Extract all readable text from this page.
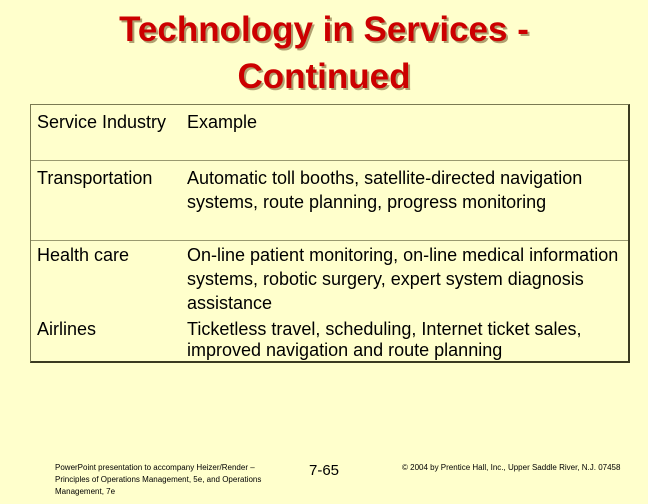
Technology in Services -
Continued
Service Industry	Example
Transportation	Automatic toll booths, satellite-directed navigation systems, route planning, progress monitoring
Health care	On-line patient monitoring, on-line medical information systems, robotic surgery, expert system diagnosis assistance
Airlines	Ticketless travel, scheduling, Internet ticket sales, improved navigation and route planning
PowerPoint presentation to accompany Heizer/Render – Principles of Operations Management, 5e, and Operations Management, 7e
7-65	© 2004 by Prentice Hall, Inc., Upper Saddle River, N.J. 07458
